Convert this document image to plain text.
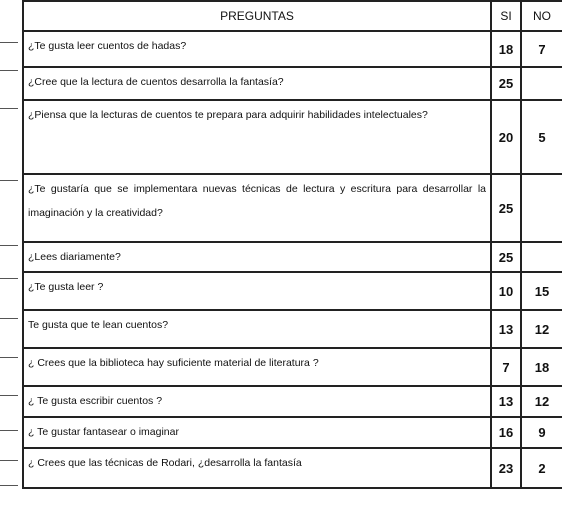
PREGUNTAS	SI	NO
¿Te gusta leer cuentos de hadas?	18	7
¿Cree que la lectura de cuentos desarrolla la fantasía?	25	
¿Piensa que la lecturas de cuentos te prepara para adquirir habilidades intelectuales?	20	5
¿Te gustaría que se implementara nuevas técnicas de lectura y escritura para desarrollar la imaginación y la creatividad?	25	
¿Lees diariamente?	25	
¿Te gusta leer ?	10	15
Te gusta que te lean cuentos?	13	12
¿ Crees que la biblioteca hay suficiente material de literatura ?	7	18
¿ Te gusta escribir cuentos ?	13	12
¿ Te gustar fantasear o imaginar	16	9
¿ Crees que las técnicas de Rodari, ¿desarrolla la fantasía	23	2
